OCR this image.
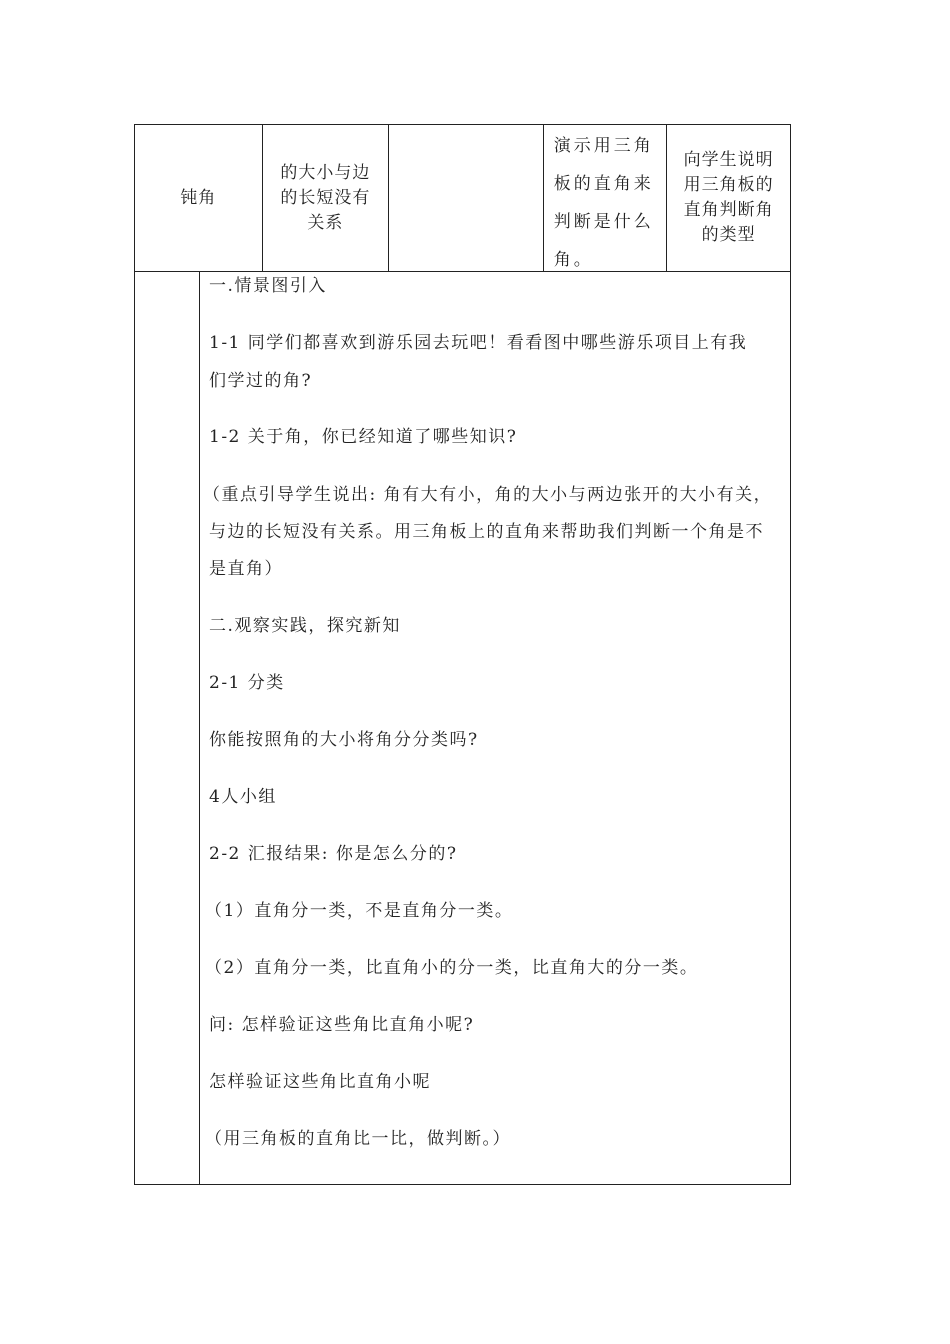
钝角
的大小与边的长短没有关系
演示用三角板的直角来判断是什么角。
向学生说明用三角板的直角判断角的类型
一.情景图引入
1-1 同学们都喜欢到游乐园去玩吧！看看图中哪些游乐项目上有我
们学过的角?
1-2 关于角，你已经知道了哪些知识?
（重点引导学生说出: 角有大有小，角的大小与两边张开的大小有关，
与边的长短没有关系。用三角板上的直角来帮助我们判断一个角是不
是直角）
二.观察实践，探究新知
2-1 分类
你能按照角的大小将角分分类吗?
4人小组
2-2 汇报结果: 你是怎么分的?
（1）直角分一类，不是直角分一类。
（2）直角分一类，比直角小的分一类，比直角大的分一类。
问: 怎样验证这些角比直角小呢?
怎样验证这些角比直角小呢
（用三角板的直角比一比，做判断。）
